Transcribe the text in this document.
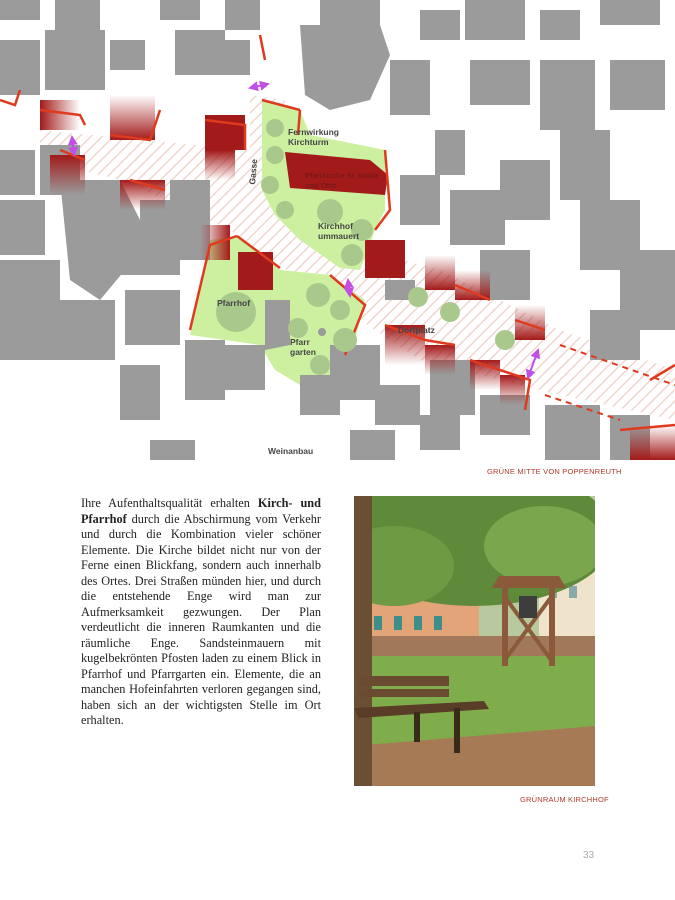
Fernwirkung Kirchturm
Gasse	Pfarrkirche St. Maria und Otto
Kirchhof ummauert
Pfarrhof
Pfarr garten
Dorfplatz
Weinanbau
GRÜNE MITTE VON POPPENREUTH
Ihre Aufenthaltsqualität erhalten Kirch- und Pfarrhof durch die Abschirmung vom Verkehr und durch die Kombination vieler schöner Elemente. Die Kirche bildet nicht nur von der Ferne einen Blickfang, sondern auch innerhalb des Ortes. Drei Straßen münden hier, und durch die entstehende Enge wird man zur Aufmerksamkeit gezwungen. Der Plan verdeutlicht die inneren Raumkanten und die räumliche Enge. Sandsteinmauern mit kugelbekrönten Pfosten laden zu einem Blick in Pfarrhof und Pfarrgarten ein. Elemente, die an manchen Hofeinfahrten verloren gegangen sind, haben sich an der wichtigsten Stelle im Ort erhalten.
GRÜNRAUM KIRCHHOF
33
